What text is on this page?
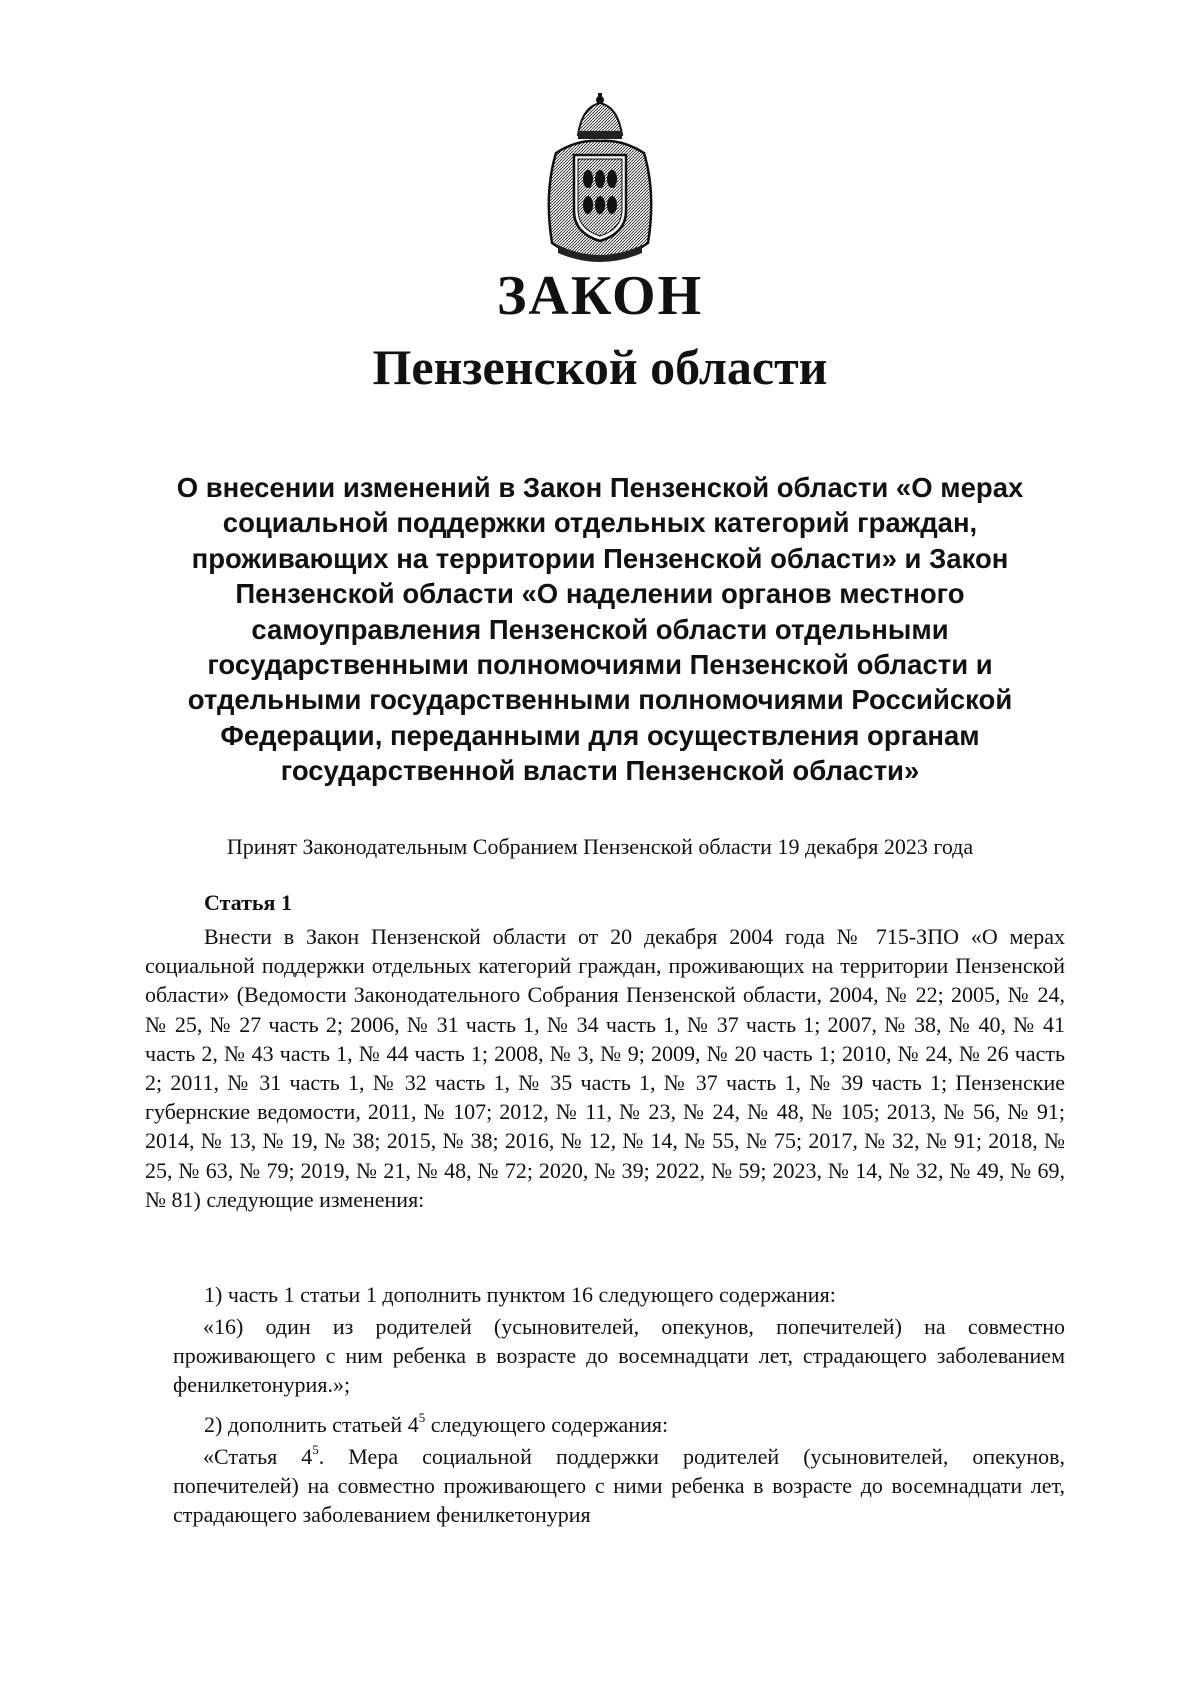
ЗАКОН
Пензенской области

О внесении изменений в Закон Пензенской области «О мерах социальной поддержки отдельных категорий граждан, проживающих на территории Пензенской области» и Закон Пензенской области «О наделении органов местного самоуправления Пензенской области отдельными государственными полномочиями Пензенской области и отдельными государственными полномочиями Российской Федерации, переданными для осуществления органам государственной власти Пензенской области»

Принят Законодательным Собранием Пензенской области 19 декабря 2023 года

Статья 1

Внести в Закон Пензенской области от 20 декабря 2004 года № 715-ЗПО «О мерах социальной поддержки отдельных категорий граждан, проживающих на территории Пензенской области» (Ведомости Законодательного Собрания Пензенской области, 2004, № 22; 2005, № 24, № 25, № 27 часть 2; 2006, № 31 часть 1, № 34 часть 1, № 37 часть 1; 2007, № 38, № 40, № 41 часть 2, № 43 часть 1, № 44 часть 1; 2008, № 3, № 9; 2009, № 20 часть 1; 2010, № 24, № 26 часть 2; 2011, № 31 часть 1, № 32 часть 1, № 35 часть 1, № 37 часть 1, № 39 часть 1; Пензенские губернские ведомости, 2011, № 107; 2012, № 11, № 23, № 24, № 48, № 105; 2013, № 56, № 91; 2014, № 13, № 19, № 38; 2015, № 38; 2016, № 12, № 14, № 55, № 75; 2017, № 32, № 91; 2018, № 25, № 63, № 79; 2019, № 21, № 48, № 72; 2020, № 39; 2022, № 59; 2023, № 14, № 32, № 49, № 69, № 81) следующие изменения:

1) часть 1 статьи 1 дополнить пунктом 16 следующего содержания:

«16) один из родителей (усыновителей, опекунов, попечителей) на совместно проживающего с ним ребенка в возрасте до восемнадцати лет, страдающего заболеванием фенилкетонурия.»;

2) дополнить статьей $4^5$ следующего содержания:

«Статья $4^5$. Мера социальной поддержки родителей (усыновителей, опекунов, попечителей) на совместно проживающего с ними ребенка в возрасте до восемнадцати лет, страдающего заболеванием фенилкетонурия
